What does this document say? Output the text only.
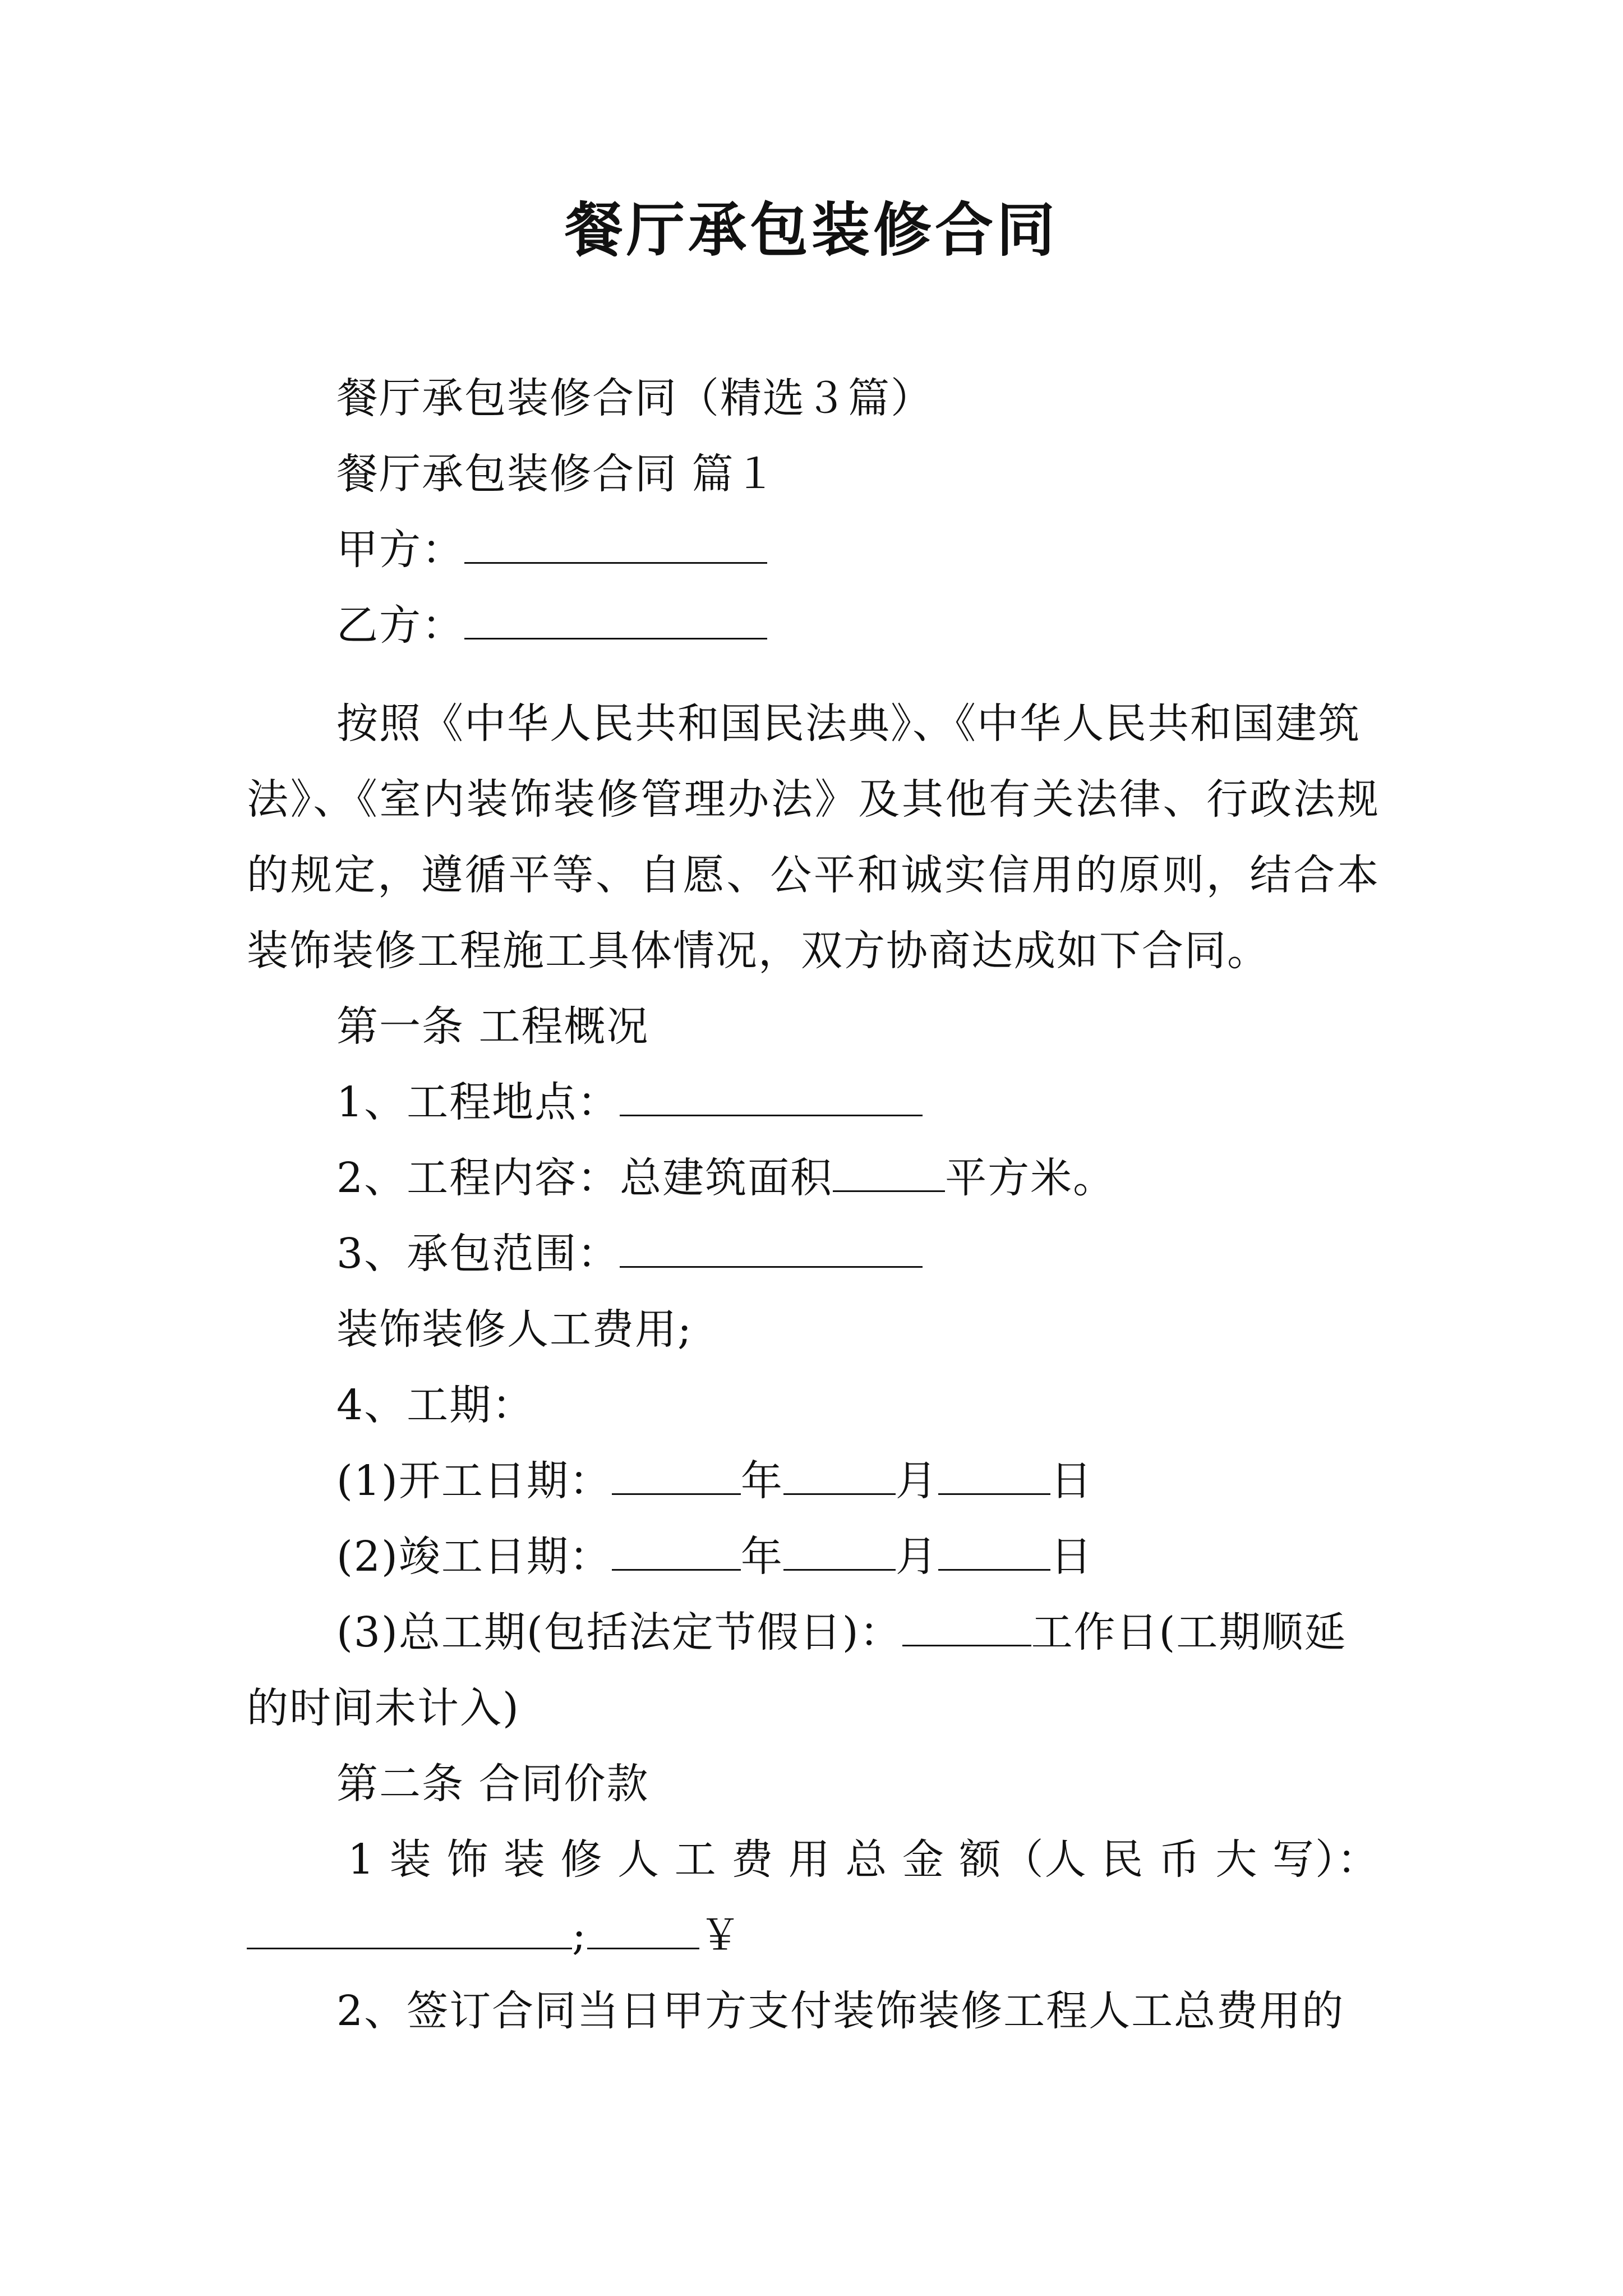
餐厅承包装修合同
餐厅承包装修合同（精选３篇）
餐厅承包装修合同 篇１
甲方：
乙方：
按照《中华人民共和国民法典》、《中华人民共和国建筑
法》、《室内装饰装修管理办法》及其他有关法律、行政法规
的规定，遵循平等、自愿、公平和诚实信用的原则，结合本
装饰装修工程施工具体情况，双方协商达成如下合同。
第一条 工程概况
1、工程地点：
2、工程内容：总建筑面积	平方米。
3、承包范围：
装饰装修人工费用;
4、工期：
(1)开工日期：	年	月	日
(2)竣工日期：	年	月	日
(3)总工期(包括法定节假日)：	工作日(工期顺延
的时间未计入)
第二条 合同价款
1 装 饰 装 修 人 工 费 用 总 金 额（人 民 币 大 写）：
;	￥
2、签订合同当日甲方支付装饰装修工程人工总费用的
